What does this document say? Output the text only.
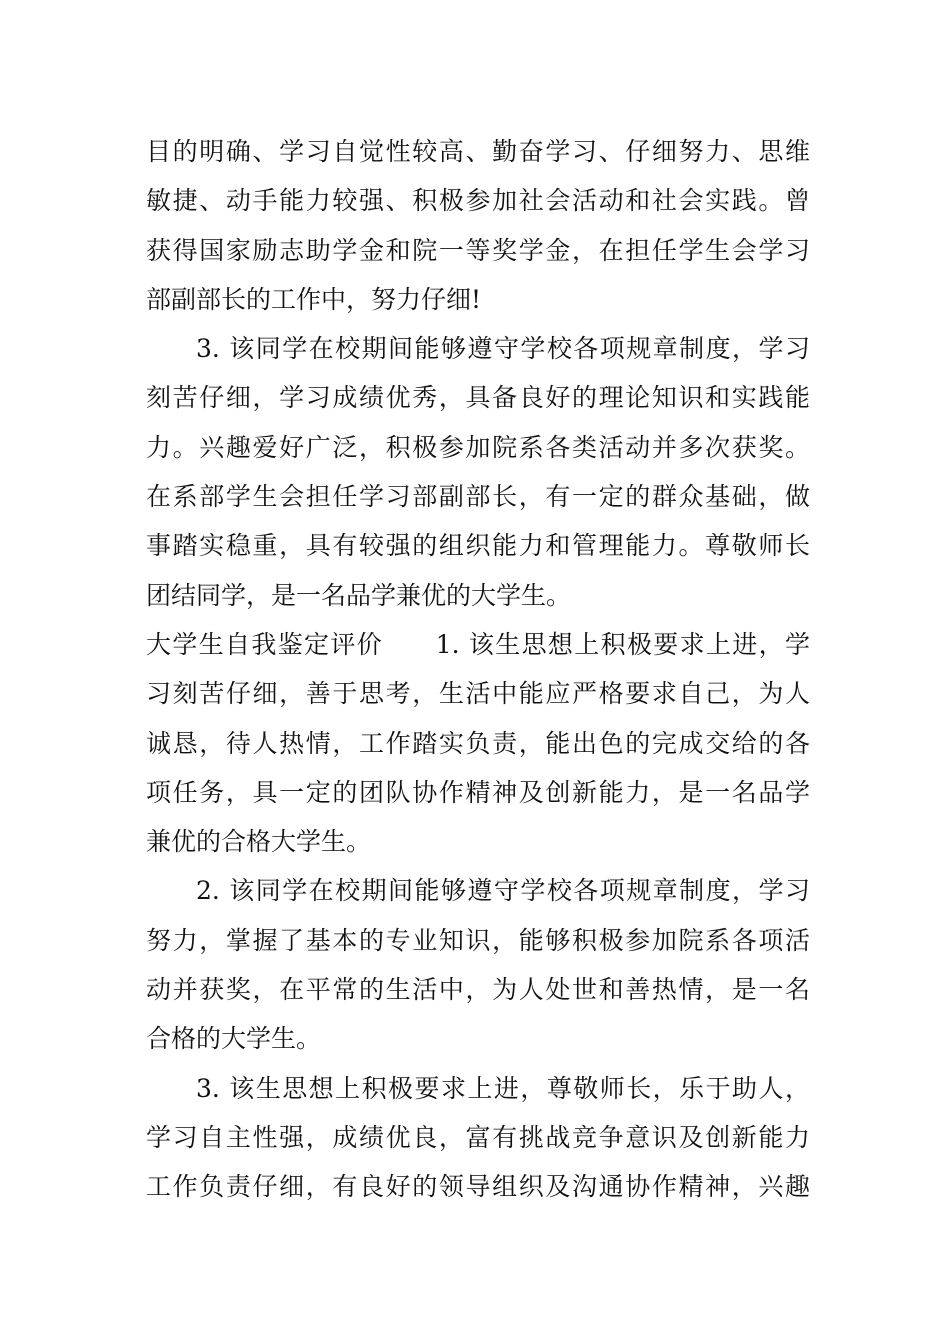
目的明确、学习自觉性较高、勤奋学习、仔细努力、思维
敏捷、动手能力较强、积极参加社会活动和社会实践。曾
获得国家励志助学金和院一等奖学金，在担任学生会学习
部副部长的工作中，努力仔细!
3. 该同学在校期间能够遵守学校各项规章制度，学习
刻苦仔细，学习成绩优秀，具备良好的理论知识和实践能
力。兴趣爱好广泛，积极参加院系各类活动并多次获奖。
在系部学生会担任学习部副部长，有一定的群众基础，做
事踏实稳重，具有较强的组织能力和管理能力。尊敬师长
团结同学，是一名品学兼优的大学生。
大学生自我鉴定评价　　1. 该生思想上积极要求上进，学
习刻苦仔细，善于思考，生活中能应严格要求自己，为人
诚恳，待人热情，工作踏实负责，能出色的完成交给的各
项任务，具一定的团队协作精神及创新能力，是一名品学
兼优的合格大学生。
2. 该同学在校期间能够遵守学校各项规章制度，学习
努力，掌握了基本的专业知识，能够积极参加院系各项活
动并获奖，在平常的生活中，为人处世和善热情，是一名
合格的大学生。
3. 该生思想上积极要求上进，尊敬师长，乐于助人，
学习自主性强，成绩优良，富有挑战竞争意识及创新能力
工作负责仔细，有良好的领导组织及沟通协作精神，兴趣
